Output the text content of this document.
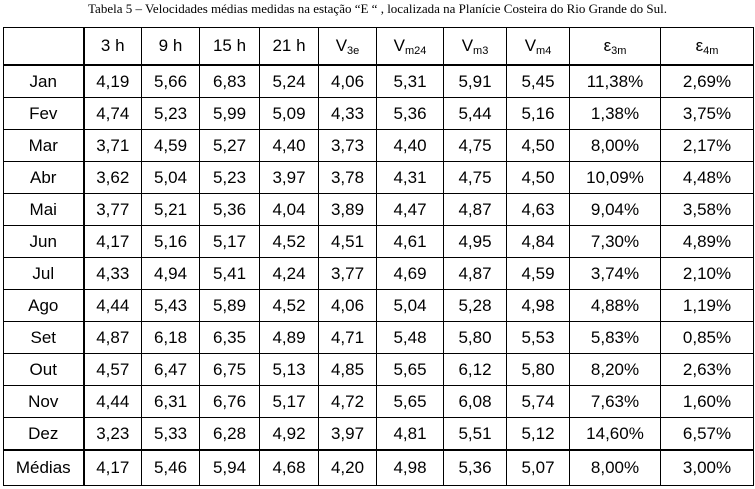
Tabela 5 – Velocidades médias medidas na estação “E “ , localizada na Planície Costeira do Rio Grande do Sul.
	3 h	9 h	15 h	21 h	$V_{3e}$	$V_{m24}$	$V_{m3}$	$V_{m4}$	$\varepsilon_{3m}$	$\varepsilon_{4m}$
Jan	4,19	5,66	6,83	5,24	4,06	5,31	5,91	5,45	11,38%	2,69%
Fev	4,74	5,23	5,99	5,09	4,33	5,36	5,44	5,16	1,38%	3,75%
Mar	3,71	4,59	5,27	4,40	3,73	4,40	4,75	4,50	8,00%	2,17%
Abr	3,62	5,04	5,23	3,97	3,78	4,31	4,75	4,50	10,09%	4,48%
Mai	3,77	5,21	5,36	4,04	3,89	4,47	4,87	4,63	9,04%	3,58%
Jun	4,17	5,16	5,17	4,52	4,51	4,61	4,95	4,84	7,30%	4,89%
Jul	4,33	4,94	5,41	4,24	3,77	4,69	4,87	4,59	3,74%	2,10%
Ago	4,44	5,43	5,89	4,52	4,06	5,04	5,28	4,98	4,88%	1,19%
Set	4,87	6,18	6,35	4,89	4,71	5,48	5,80	5,53	5,83%	0,85%
Out	4,57	6,47	6,75	5,13	4,85	5,65	6,12	5,80	8,20%	2,63%
Nov	4,44	6,31	6,76	5,17	4,72	5,65	6,08	5,74	7,63%	1,60%
Dez	3,23	5,33	6,28	4,92	3,97	4,81	5,51	5,12	14,60%	6,57%
Médias	4,17	5,46	5,94	4,68	4,20	4,98	5,36	5,07	8,00%	3,00%
